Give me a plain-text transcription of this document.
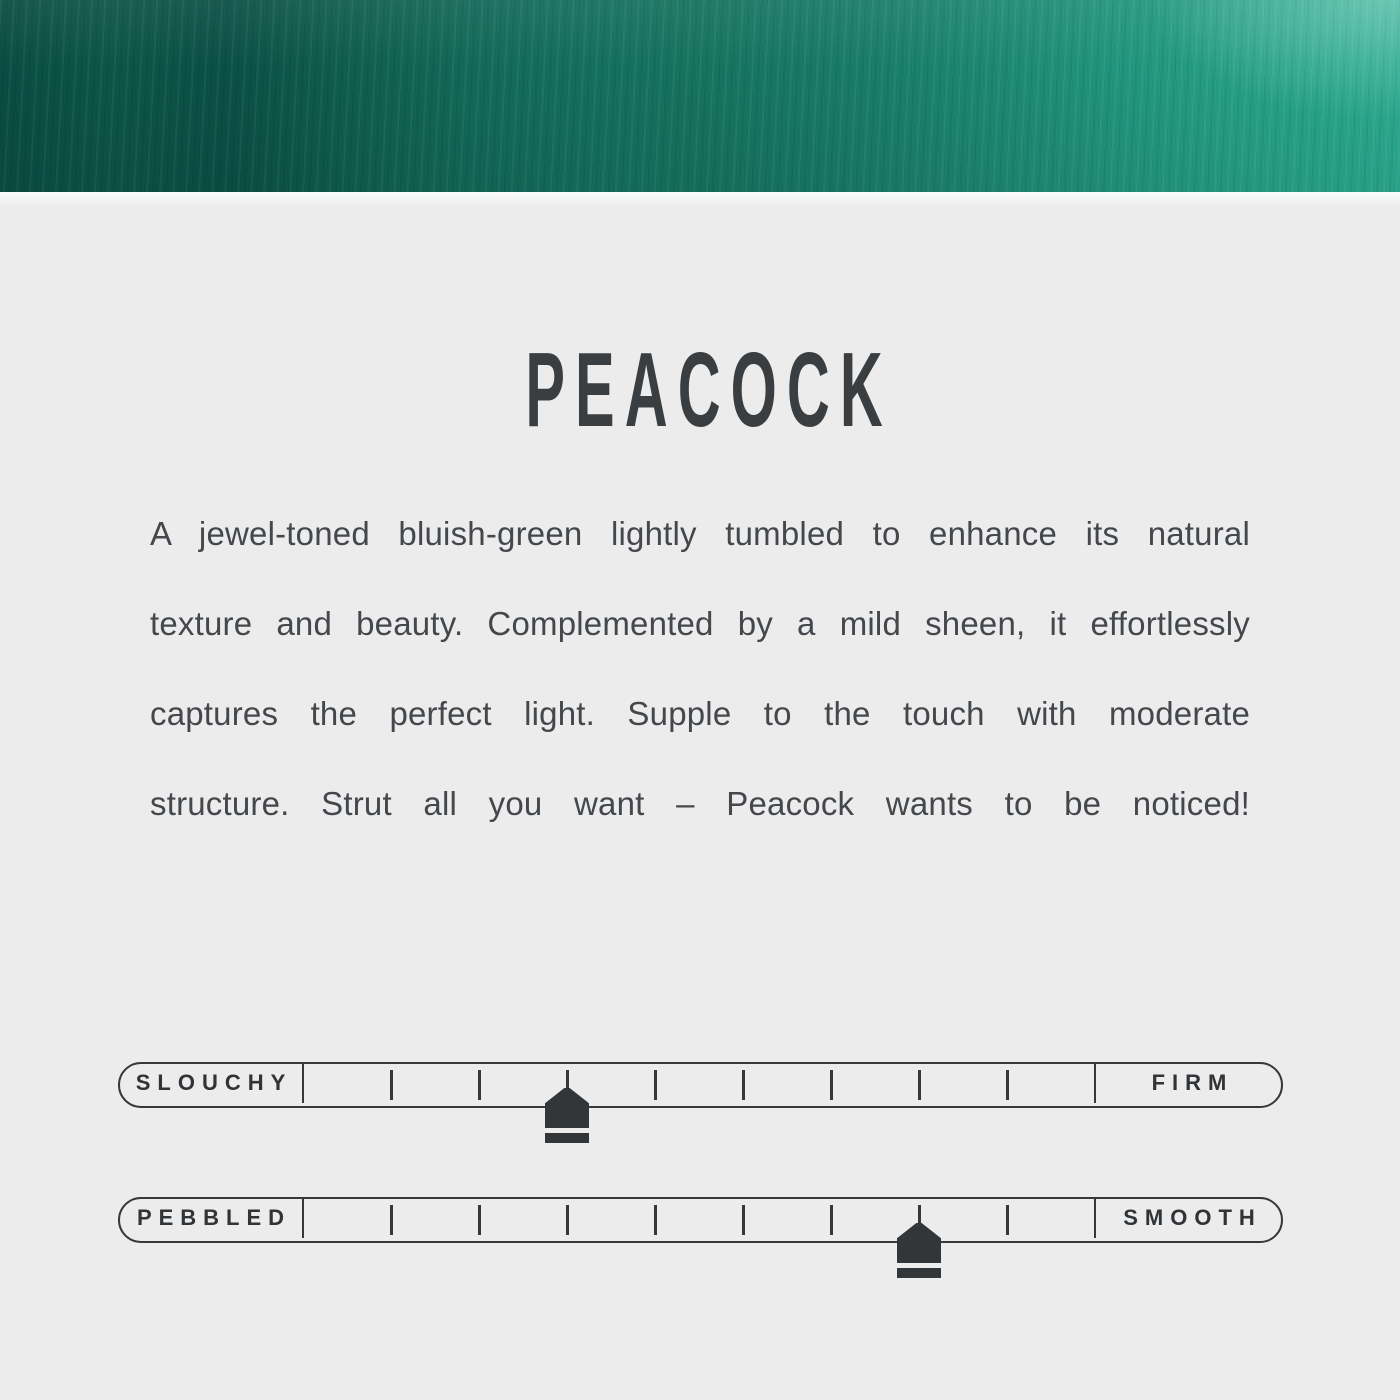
PEACOCK

A jewel-toned bluish-green lightly tumbled to enhance its natural

texture and beauty. Complemented by a mild sheen, it effortlessly

captures the perfect light. Supple to the touch with moderate

structure. Strut all you want – Peacock wants to be noticed!

SLOUCHY	FIRM
PEBBLED	SMOOTH
